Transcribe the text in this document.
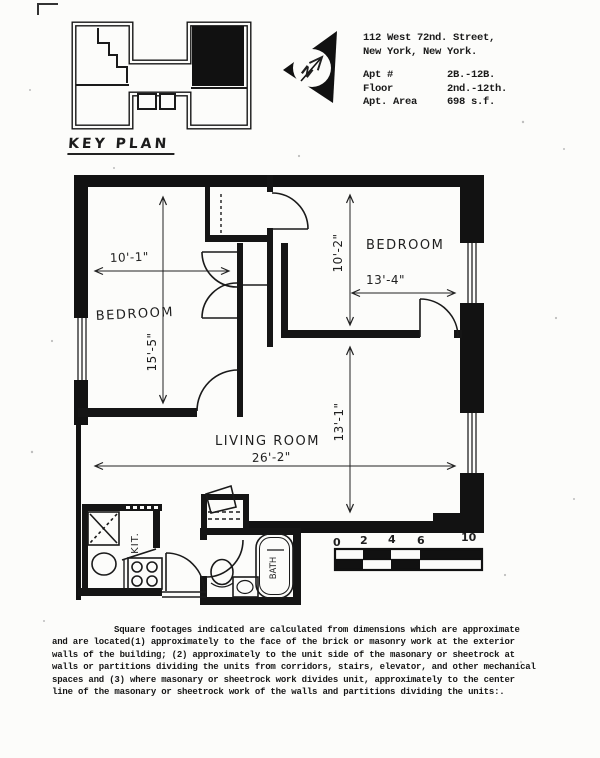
N
BEDROOM
10'-1"
15'-5"
BEDROOM
13'-4"
10'-2"
LIVING ROOM
26'-2"
13'-1"
KIT.
BATH
0 2 4 6	10
112 West 72nd. Street,
New York, New York.
Apt #	2B.-12B.
Floor	2nd.-12th.
Apt. Area	698 s.f.
KEY PLAN
Square footages indicated are calculated from dimensions which are approximate
and are located(1) approximately to the face of the brick or masonry work at the exterior
walls of the building; (2) approximately to the unit side of the masonary or sheetrock at
walls or partitions dividing the units from corridors, stairs, elevator, and other mechanical
spaces and (3) where masonary or sheetrock work divides unit, approximately to the center
line of the masonary or sheetrock work of the walls and partitions dividing the units:.
